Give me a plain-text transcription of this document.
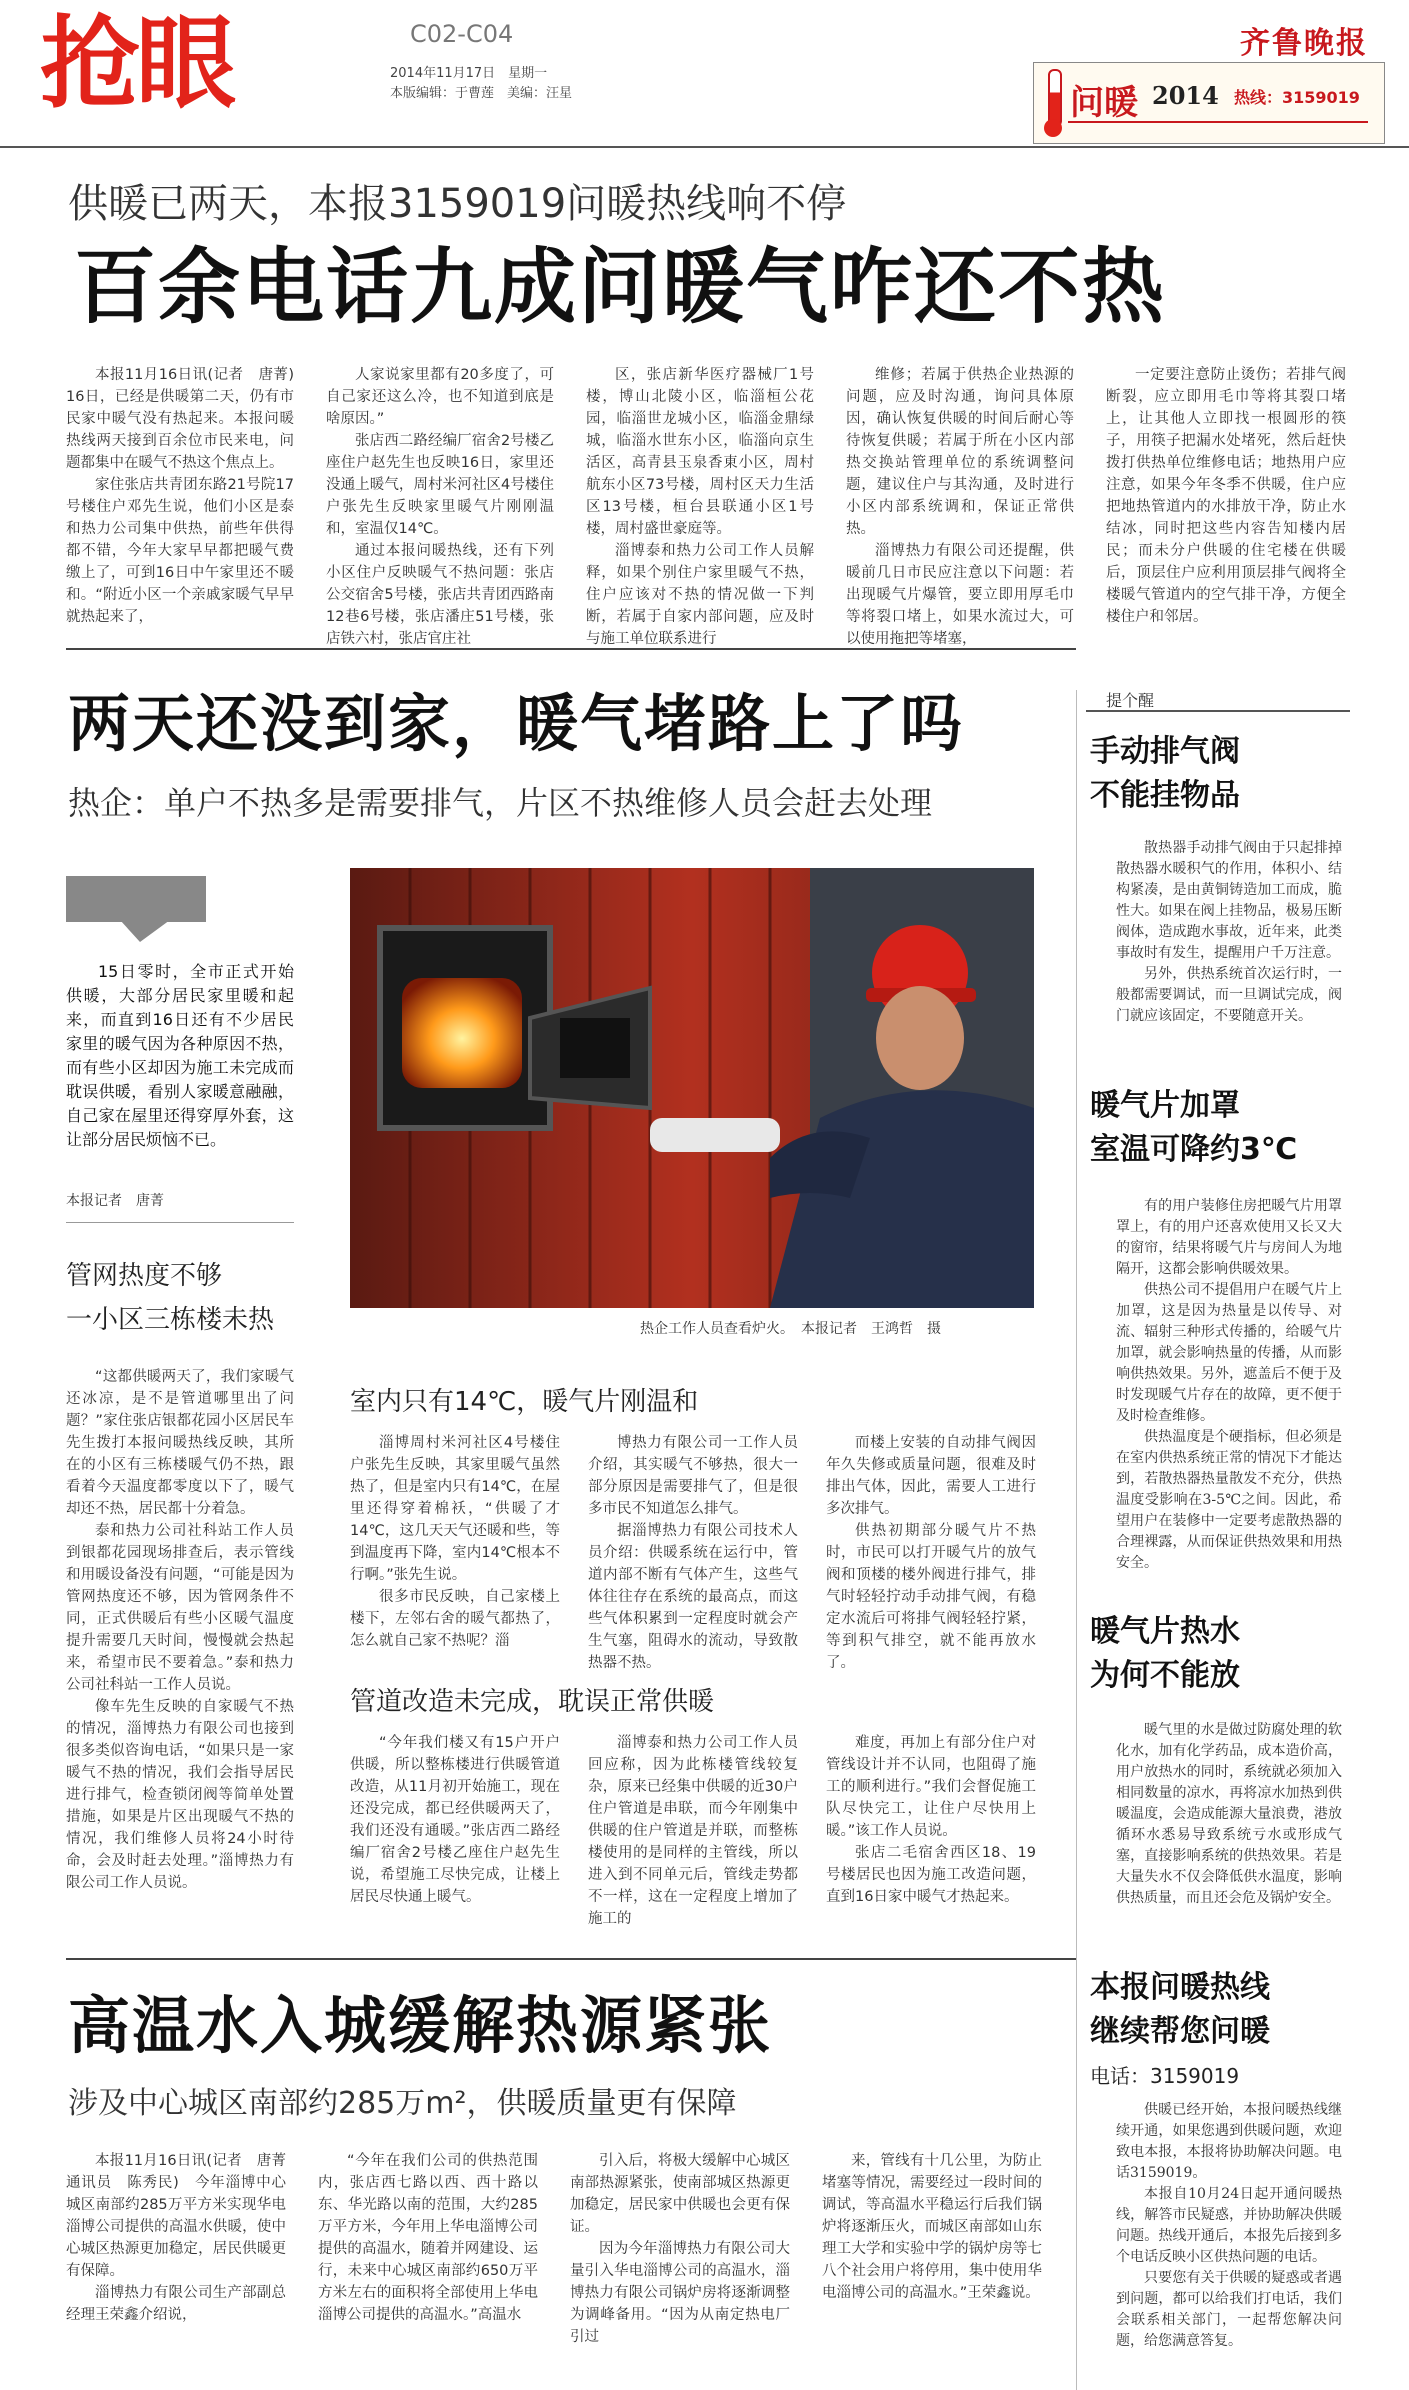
抢眼	C02-C04
2014年11月17日　星期一
本版编辑：于曹莲　美编：汪星
齐鲁晚报
问暖 2014 热线：3159019
供暖已两天，本报3159019问暖热线响不停
百余电话九成问暖气咋还不热

本报11月16日讯(记者　唐菁)　16日，已经是供暖第二天，仍有市民家中暖气没有热起来。本报问暖热线两天接到百余位市民来电，问题都集中在暖气不热这个焦点上。

家住张店共青团东路21号院17号楼住户邓先生说，他们小区是泰和热力公司集中供热，前些年供得都不错，今年大家早早都把暖气费缴上了，可到16日中午家里还不暖和。“附近小区一个亲戚家暖气早早就热起来了，

人家说家里都有20多度了，可自己家还这么冷，也不知道到底是啥原因。”

张店西二路经编厂宿舍2号楼乙座住户赵先生也反映16日，家里还没通上暖气，周村米河社区4号楼住户张先生反映家里暖气片刚刚温和，室温仅14℃。

通过本报问暖热线，还有下列小区住户反映暖气不热问题：张店公交宿舍5号楼，张店共青团西路南12巷6号楼，张店潘庄51号楼，张店铁六村，张店官庄社

区，张店新华医疗器械厂1号楼，博山北陵小区，临淄桓公花园，临淄世龙城小区，临淄金鼎绿城，临淄水世东小区，临淄向京生活区，高青县玉泉香東小区，周村航东小区73号楼，周村区天力生活区13号楼，桓台县联通小区1号楼，周村盛世豪庭等。

淄博泰和热力公司工作人员解释，如果个别住户家里暖气不热，住户应该对不热的情况做一下判断，若属于自家内部问题，应及时与施工单位联系进行

维修；若属于供热企业热源的问题，应及时沟通，询问具体原因，确认恢复供暖的时间后耐心等待恢复供暖；若属于所在小区内部热交换站管理单位的系统调整问题，建议住户与其沟通，及时进行小区内部系统调和，保证正常供热。

淄博热力有限公司还提醒，供暖前几日市民应注意以下问题：若出现暖气片爆管，要立即用厚毛巾等将裂口堵上，如果水流过大，可以使用拖把等堵塞，

一定要注意防止烫伤；若排气阀断裂，应立即用毛巾等将其裂口堵上，让其他人立即找一根圆形的筷子，用筷子把漏水处堵死，然后赶快拨打供热单位维修电话；地热用户应注意，如果今年冬季不供暖，住户应把地热管道内的水排放干净，防止水结冰，同时把这些内容告知楼内居民；而未分户供暖的住宅楼在供暖后，顶层住户应利用顶层排气阀将全楼暖气管道内的空气排干净，方便全楼住户和邻居。

两天还没到家，暖气堵路上了吗
热企：单户不热多是需要排气，片区不热维修人员会赶去处理

15日零时，全市正式开始供暖，大部分居民家里暖和起来，而直到16日还有不少居民家里的暖气因为各种原因不热，而有些小区却因为施工未完成而耽误供暖，看别人家暖意融融，自己家在屋里还得穿厚外套，这让部分居民烦恼不已。

本报记者　唐菁
热企工作人员查看炉火。　本报记者　王鸿哲　摄
管网热度不够
一小区三栋楼未热

“这都供暖两天了，我们家暖气还冰凉，是不是管道哪里出了问题？”家住张店银都花园小区居民车先生拨打本报问暖热线反映，其所在的小区有三栋楼暖气仍不热，跟看着今天温度都零度以下了，暖气却还不热，居民都十分着急。

泰和热力公司社科站工作人员到银都花园现场排查后，表示管线和用暖设备没有问题，“可能是因为管网热度还不够，因为管网条件不同，正式供暖后有些小区暖气温度提升需要几天时间，慢慢就会热起来，希望市民不要着急。”泰和热力公司社科站一工作人员说。

像车先生反映的自家暖气不热的情况，淄博热力有限公司也接到很多类似咨询电话，“如果只是一家暖气不热的情况，我们会指导居民进行排气，检查锁闭阀等简单处置措施，如果是片区出现暖气不热的情况，我们维修人员将24小时待命，会及时赶去处理。”淄博热力有限公司工作人员说。

室内只有14℃，暖气片刚温和

淄博周村米河社区4号楼住户张先生反映，其家里暖气虽然热了，但是室内只有14℃，在屋里还得穿着棉袄，“供暖了才14℃，这几天天气还暖和些，等到温度再下降，室内14℃根本不行啊。”张先生说。

很多市民反映，自己家楼上楼下，左邻右舍的暖气都热了，怎么就自己家不热呢？淄

博热力有限公司一工作人员介绍，其实暖气不够热，很大一部分原因是需要排气了，但是很多市民不知道怎么排气。

据淄博热力有限公司技术人员介绍：供暖系统在运行中，管道内部不断有气体产生，这些气体往往存在系统的最高点，而这些气体积累到一定程度时就会产生气塞，阻碍水的流动，导致散热器不热。

而楼上安装的自动排气阀因年久失修或质量问题，很难及时排出气体，因此，需要人工进行多次排气。

供热初期部分暖气片不热时，市民可以打开暖气片的放气阀和顶楼的楼外阀进行排气，排气时轻轻拧动手动排气阀，有稳定水流后可将排气阀轻轻拧紧，等到积气排空，就不能再放水了。

管道改造未完成，耽误正常供暖

“今年我们楼又有15户开户供暖，所以整栋楼进行供暖管道改造，从11月初开始施工，现在还没完成，都已经供暖两天了，我们还没有通暖。”张店西二路经编厂宿舍2号楼乙座住户赵先生说，希望施工尽快完成，让楼上居民尽快通上暖气。

淄博泰和热力公司工作人员回应称，因为此栋楼管线较复杂，原来已经集中供暖的近30户住户管道是串联，而今年刚集中供暖的住户管道是并联，而整栋楼使用的是同样的主管线，所以进入到不同单元后，管线走势都不一样，这在一定程度上增加了施工的

难度，再加上有部分住户对管线设计并不认同，也阻碍了施工的顺利进行。”我们会督促施工队尽快完工，让住户尽快用上暖。”该工作人员说。

张店二毛宿舍西区18、19号楼居民也因为施工改造问题，直到16日家中暖气才热起来。

提个醒
手动排气阀
不能挂物品

散热器手动排气阀由于只起排掉散热器水暖积气的作用，体积小、结构紧凑，是由黄铜铸造加工而成，脆性大。如果在阀上挂物品，极易压断阀体，造成跑水事故，近年来，此类事故时有发生，提醒用户千万注意。

另外，供热系统首次运行时，一般都需要调试，而一旦调试完成，阀门就应该固定，不要随意开关。

暖气片加罩
室温可降约3℃

有的用户装修住房把暖气片用罩罩上，有的用户还喜欢使用又长又大的窗帘，结果将暖气片与房间人为地隔开，这都会影响供暖效果。

供热公司不提倡用户在暖气片上加罩，这是因为热量是以传导、对流、辐射三种形式传播的，给暖气片加罩，就会影响热量的传播，从而影响供热效果。另外，遮盖后不便于及时发现暖气片存在的故障，更不便于及时检查维修。

供热温度是个硬指标，但必须是在室内供热系统正常的情况下才能达到，若散热器热量散发不充分，供热温度受影响在3-5℃之间。因此，希望用户在装修中一定要考虑散热器的合理裸露，从而保证供热效果和用热安全。

暖气片热水
为何不能放

暖气里的水是做过防腐处理的软化水，加有化学药品，成本造价高，用户放热水的同时，系统就必须加入相同数量的凉水，再将凉水加热到供暖温度，会造成能源大量浪费，港放循环水悉易导致系统亏水或形成气塞，直接影响系统的供热效果。若是大量失水不仅会降低供水温度，影响供热质量，而且还会危及锅炉安全。

本报问暖热线
继续帮您问暖
电话：3159019

供暖已经开始，本报问暖热线继续开通，如果您遇到供暖问题，欢迎致电本报，本报将协助解决问题。电话3159019。

本报自10月24日起开通问暖热线，解答市民疑惑，并协助解决供暖问题。热线开通后，本报先后接到多个电话反映小区供热问题的电话。

只要您有关于供暖的疑惑或者遇到问题，都可以给我们打电话，我们会联系相关部门，一起帮您解决问题，给您满意答复。

高温水入城缓解热源紧张
涉及中心城区南部约285万m²，供暖质量更有保障

本报11月16日讯(记者　唐菁　通讯员　陈秀民)　今年淄博中心城区南部约285万平方米实现华电淄博公司提供的高温水供暖，使中心城区热源更加稳定，居民供暖更有保障。

淄博热力有限公司生产部副总经理王荣鑫介绍说，

“今年在我们公司的供热范围内，张店西七路以西、西十路以东、华光路以南的范围，大约285万平方米，今年用上华电淄博公司提供的高温水，随着并网建设、运行，未来中心城区南部约650万平方米左右的面积将全部使用上华电淄博公司提供的高温水。”高温水

引入后，将极大缓解中心城区南部热源紧张，使南部城区热源更加稳定，居民家中供暖也会更有保证。

因为今年淄博热力有限公司大量引入华电淄博公司的高温水，淄博热力有限公司锅炉房将逐渐调整为调峰备用。“因为从南定热电厂引过

来，管线有十几公里，为防止堵塞等情况，需要经过一段时间的调试，等高温水平稳运行后我们锅炉将逐渐压火，而城区南部如山东理工大学和实验中学的锅炉房等七八个社会用户将停用，集中使用华电淄博公司的高温水。”王荣鑫说。
